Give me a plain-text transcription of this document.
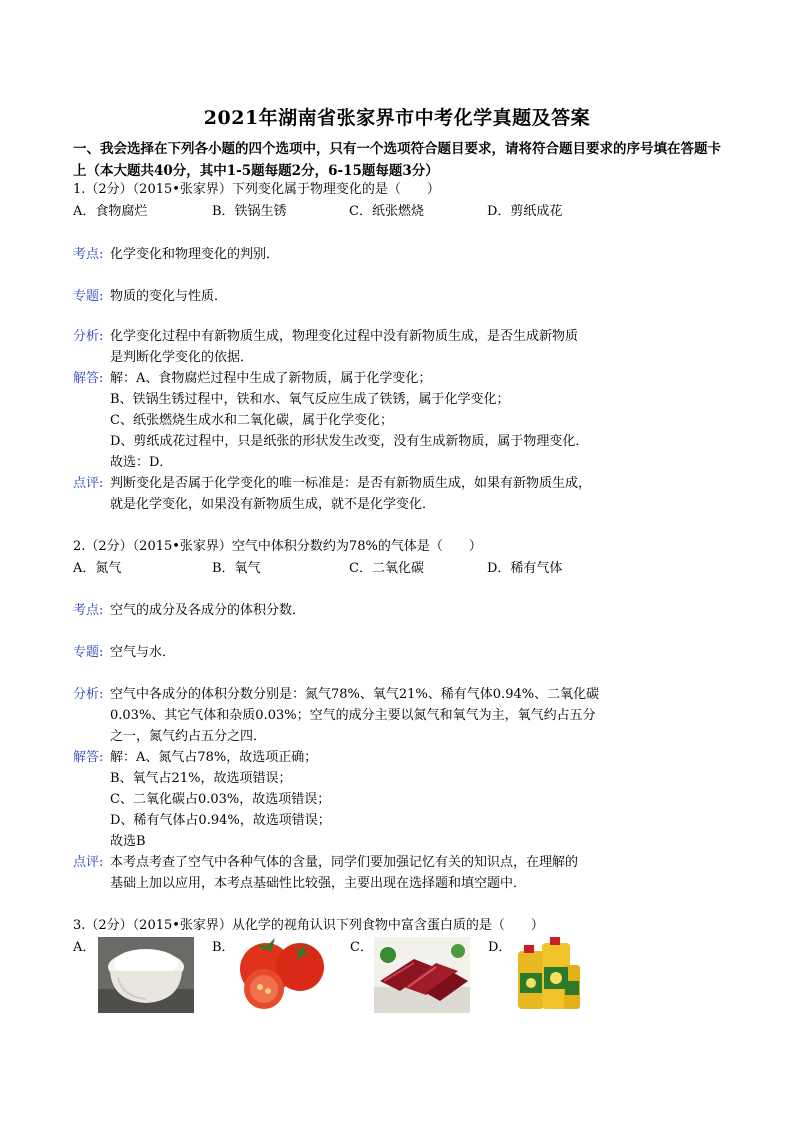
2021年湖南省张家界市中考化学真题及答案
一、我会选择在下列各小题的四个选项中，只有一个选项符合题目要求，请将符合题目要求的序号填在答题卡上（本大题共40分，其中1-5题每题2分，6-15题每题3分）
1.（2分）（2015•张家界）下列变化属于物理变化的是（　　）
A．食物腐烂	B．铁锅生锈	C．纸张燃烧	D．剪纸成花
考点: 化学变化和物理变化的判别．
专题: 物质的变化与性质．
分析: 化学变化过程中有新物质生成，物理变化过程中没有新物质生成，是否生成新物质
是判断化学变化的依据．
解答: 解：A、食物腐烂过程中生成了新物质，属于化学变化；
B、铁锅生锈过程中，铁和水、氧气反应生成了铁锈，属于化学变化；
C、纸张燃烧生成水和二氧化碳，属于化学变化；
D、剪纸成花过程中，只是纸张的形状发生改变，没有生成新物质，属于物理变化．
故选：D．
点评: 判断变化是否属于化学变化的唯一标准是：是否有新物质生成，如果有新物质生成，
就是化学变化，如果没有新物质生成，就不是化学变化．
2.（2分）（2015•张家界）空气中体积分数约为78%的气体是（　　）
A．氮气	B．氧气	C．二氧化碳	D．稀有气体
考点: 空气的成分及各成分的体积分数．
专题: 空气与水．
分析: 空气中各成分的体积分数分别是：氮气78%、氧气21%、稀有气体0.94%、二氧化碳
0.03%、其它气体和杂质0.03%；空气的成分主要以氮气和氧气为主，氧气约占五分
之一，氮气约占五分之四．
解答: 解：A、氮气占78%，故选项正确；
B、氧气占21%，故选项错误；
C、二氧化碳占0.03%，故选项错误；
D、稀有气体占0.94%，故选项错误；
故选B
点评: 本考点考查了空气中各种气体的含量，同学们要加强记忆有关的知识点，在理解的
基础上加以应用，本考点基础性比较强，主要出现在选择题和填空题中．
3.（2分）（2015•张家界）从化学的视角认识下列食物中富含蛋白质的是（　　）
A．	B．	C．	D．
